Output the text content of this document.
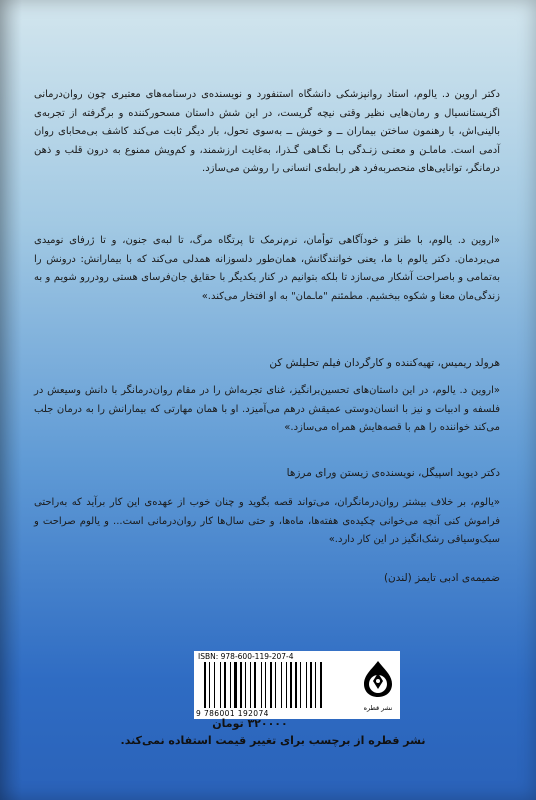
دکتر اروین د. یالوم، استاد روانپزشکی دانشگاه استنفورد و نویسنده‌ی درسنامه‌های معتبری چون روان‌درمانی اگزیستانسیال و رمان‌هایی نظیر وقتی نیچه گریست، در این شش داستان مسحورکننده و برگرفته از تجربه‌ی بالینی‌اش، با رهنمون ساختن بیماران ــ و خویش ــ به‌سوی تحول، بار دیگر ثابت می‌کند کاشف بی‌محابای روان آدمی است. ماماـن و معنـی زنـدگی بـا نگـاهی گـذرا، به‌غایت ارزشمند، و کم‌ویش ممنوع به درون قلب و ذهن درمانگر، توانایی‌های منحصربه‌فرد هر رابطه‌ی انسانی را روشن می‌سازد.

«اروین د. یالوم، با طنز و خودآگاهی توأمان، نرم‌نرمک تا پرتگاه مرگ، تا لبه‌ی جنون، و تا ژرفای نومیدی می‌بردمان. دکتر یالوم با ما، یعنی خوانندگانش، همان‌طور دلسوزانه همدلی می‌کند که با بیمارانش: درونش را به‌تمامی و باصراحت آشکار می‌سازد تا بلکه بتوانیم در کنار یکدیگر با حقایق جان‌فرسای هستی رودررو شویم و به زندگی‌مان معنا و شکوه ببخشیم. مطمئنم "ماـمان" به او افتخار می‌کند.»

هرولد ریمیس، تهیه‌کننده و کارگردان فیلم تحلیلش کن

«اروین د. یالوم، در این داستان‌های تحسین‌برانگیز، غنای تجربه‌اش را در مقام روان‌درمانگر با دانش وسیعش در فلسفه و ادبیات و نیز با انسان‌دوستی عمیقش درهم می‌آمیزد. او با همان مهارتی که بیمارانش را به درمان جلب می‌کند خواننده را هم با قصه‌هایش همراه می‌سازد.»

دکتر دیوید اسپیگل، نویسنده‌ی زیستن ورای مرزها

«یالوم، بر خلاف بیشتر روان‌درمانگران، می‌تواند قصه بگوید و چنان خوب از عهده‌ی این کار برآید که به‌راحتی فراموش کنی آنچه می‌خوانی چکیده‌ی هفته‌ها، ماه‌ها، و حتی سال‌ها کار روان‌درمانی است... و یالوم صراحت و سبک‌وسیاقی رشک‌انگیز در این کار دارد.»

ضمیمه‌ی ادبی تایمز (لندن)
ISBN: 978-600-119-207-4
9 786001 192074
نشر قطره
۳۲۰۰۰۰ تومان
نشر قطره از برچسب برای تغییر قیمت استفاده نمی‌کند.
